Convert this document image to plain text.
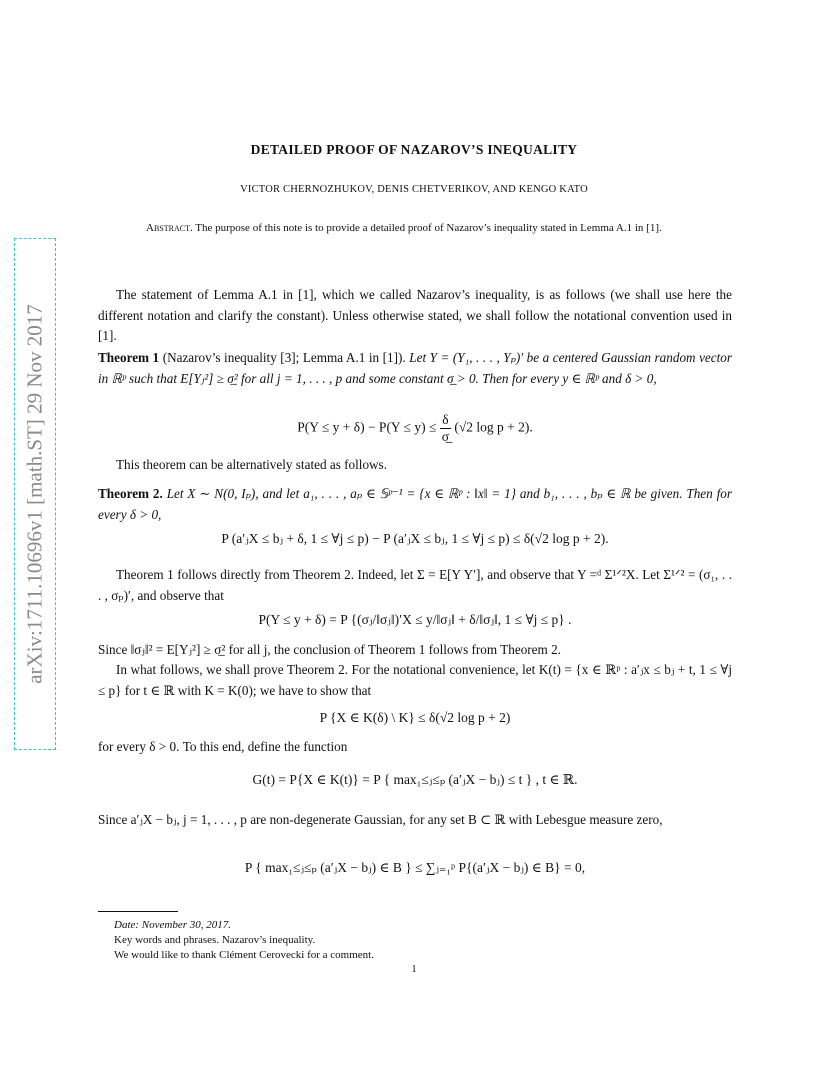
arXiv:1711.10696v1 [math.ST] 29 Nov 2017
DETAILED PROOF OF NAZAROV’S INEQUALITY
VICTOR CHERNOZHUKOV, DENIS CHETVERIKOV, AND KENGO KATO
Abstract. The purpose of this note is to provide a detailed proof of Nazarov’s inequality stated in Lemma A.1 in [1].
The statement of Lemma A.1 in [1], which we called Nazarov’s inequality, is as follows (we shall use here the different notation and clarify the constant). Unless otherwise stated, we shall follow the notational convention used in [1].
Theorem 1 (Nazarov’s inequality [3]; Lemma A.1 in [1]). Let Y = (Y₁, . . . , Yₚ)′ be a centered Gaussian random vector in ℝᵖ such that E[Yⱼ²] ≥ σ̲² for all j = 1, . . . , p and some constant σ̲ > 0. Then for every y ∈ ℝᵖ and δ > 0,
$P(Y \le y + \delta) - P(Y \le y) \le \frac{\delta}{\sigma̲} (√2$ log p + 2).
This theorem can be alternatively stated as follows.
Theorem 2. Let X ∼ N(0, Iₚ), and let a₁, . . . , aₚ ∈ 𝕊ᵖ⁻¹ = {x ∈ ℝᵖ : ‖x‖ = 1} and b₁, . . . , bₚ ∈ ℝ be given. Then for every δ > 0,
P (a′ⱼX ≤ bⱼ + δ, 1 ≤ ∀j ≤ p) − P (a′ⱼX ≤ bⱼ, 1 ≤ ∀j ≤ p) ≤ δ(√2 log p + 2).
Theorem 1 follows directly from Theorem 2. Indeed, let Σ = E[Y Y′], and observe that Y =ᵈ Σ¹ᐟ²X. Let Σ¹ᐟ² = (σ₁, . . . , σₚ)′, and observe that
P(Y ≤ y + δ) = P {(σⱼ/‖σⱼ‖)′X ≤ y/‖σⱼ‖ + δ/‖σⱼ‖, 1 ≤ ∀j ≤ p} .
Since ‖σⱼ‖² = E[Yⱼ²] ≥ σ̲² for all j, the conclusion of Theorem 1 follows from Theorem 2.
In what follows, we shall prove Theorem 2. For the notational convenience, let K(t) = {x ∈ ℝᵖ : a′ⱼx ≤ bⱼ + t, 1 ≤ ∀j ≤ p} for t ∈ ℝ with K = K(0); we have to show that
P {X ∈ K(δ) \ K} ≤ δ(√2 log p + 2)
for every δ > 0. To this end, define the function
G(t) = P{X ∈ K(t)} = P { max₁≤ⱼ≤ₚ (a′ⱼX − bⱼ) ≤ t } , t ∈ ℝ.
Since a′ⱼX − bⱼ, j = 1, . . . , p are non-degenerate Gaussian, for any set B ⊂ ℝ with Lebesgue measure zero,
P { max₁≤ⱼ≤ₚ (a′ⱼX − bⱼ) ∈ B } ≤ ∑ⱼ₌₁ᵖ P{(a′ⱼX − bⱼ) ∈ B} = 0,
Date: November 30, 2017.
Key words and phrases. Nazarov’s inequality.
We would like to thank Clément Cerovecki for a comment.
1
